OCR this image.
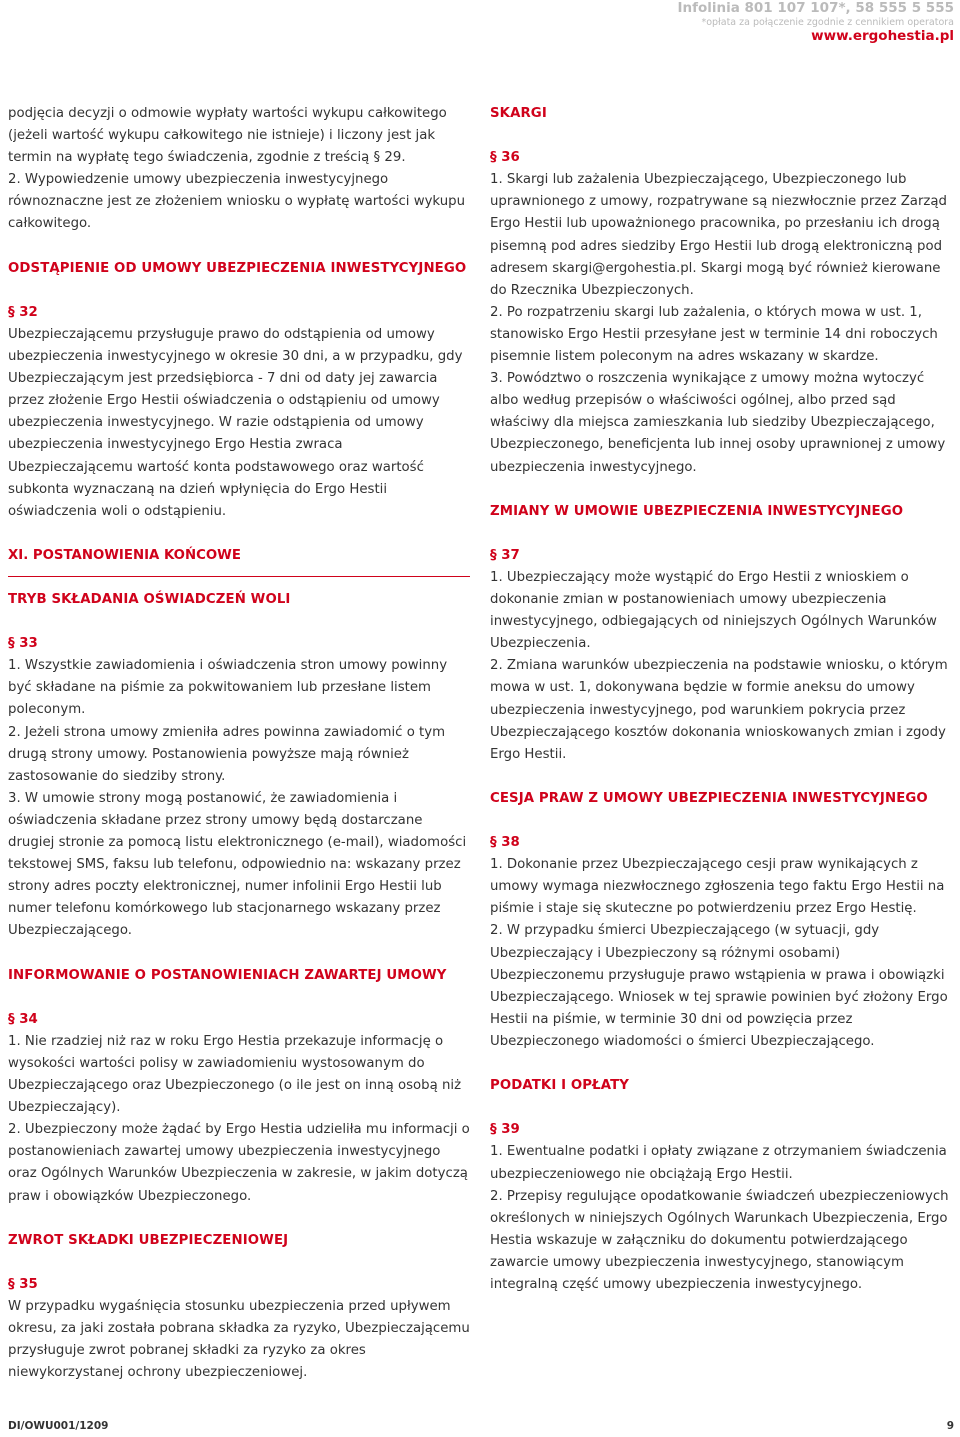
Infolinia 801 107 107*, 58 555 5 555
*opłata za połączenie zgodnie z cennikiem operatora
www.ergohestia.pl

podjęcia decyzji o odmowie wypłaty wartości wykupu całkowitego (jeżeli wartość wykupu całkowitego nie istnieje) i liczony jest jak termin na wypłatę tego świadczenia, zgodnie z treścią § 29.

2. Wypowiedzenie umowy ubezpieczenia inwestycyjnego równoznaczne jest ze złożeniem wniosku o wypłatę wartości wykupu całkowitego.

ODSTĄPIENIE OD UMOWY UBEZPIECZENIA INWESTYCYJNEGO

§ 32

Ubezpieczającemu przysługuje prawo do odstąpienia od umowy ubezpieczenia inwestycyjnego w okresie 30 dni, a w przypadku, gdy Ubezpieczającym jest przedsiębiorca - 7 dni od daty jej zawarcia przez złożenie Ergo Hestii oświadczenia o odstąpieniu od umowy ubezpieczenia inwestycyjnego. W razie odstąpienia od umowy ubezpieczenia inwestycyjnego Ergo Hestia zwraca Ubezpieczającemu wartość konta podstawowego oraz wartość subkonta wyznaczaną na dzień wpłynięcia do Ergo Hestii oświadczenia woli o odstąpieniu.

XI. POSTANOWIENIA KOŃCOWE

TRYB SKŁADANIA OŚWIADCZEŃ WOLI

§ 33

1. Wszystkie zawiadomienia i oświadczenia stron umowy powinny być składane na piśmie za pokwitowaniem lub przesłane listem poleconym.

2. Jeżeli strona umowy zmieniła adres powinna zawiadomić o tym drugą strony umowy. Postanowienia powyższe mają również zastosowanie do siedziby strony.

3. W umowie strony mogą postanowić, że zawiadomienia i oświadczenia składane przez strony umowy będą dostarczane drugiej stronie za pomocą listu elektronicznego (e-mail), wiadomości tekstowej SMS, faksu lub telefonu, odpowiednio na: wskazany przez strony adres poczty elektronicznej, numer infolinii Ergo Hestii lub numer telefonu komórkowego lub stacjonarnego wskazany przez Ubezpieczającego.

INFORMOWANIE O POSTANOWIENIACH ZAWARTEJ UMOWY

§ 34

1. Nie rzadziej niż raz w roku Ergo Hestia przekazuje informację o wysokości wartości polisy w zawiadomieniu wystosowanym do Ubezpieczającego oraz Ubezpieczonego (o ile jest on inną osobą niż Ubezpieczający).

2. Ubezpieczony może żądać by Ergo Hestia udzieliła mu informacji o postanowieniach zawartej umowy ubezpieczenia inwestycyjnego oraz Ogólnych Warunków Ubezpieczenia w zakresie, w jakim dotyczą praw i obowiązków Ubezpieczonego.

ZWROT SKŁADKI UBEZPIECZENIOWEJ

§ 35

W przypadku wygaśnięcia stosunku ubezpieczenia przed upływem okresu, za jaki została pobrana składka za ryzyko, Ubezpieczającemu przysługuje zwrot pobranej składki za ryzyko za okres niewykorzystanej ochrony ubezpieczeniowej.

SKARGI

§ 36

1. Skargi lub zażalenia Ubezpieczającego, Ubezpieczonego lub uprawnionego z umowy, rozpatrywane są niezwłocznie przez Zarząd Ergo Hestii lub upoważnionego pracownika, po przesłaniu ich drogą pisemną pod adres siedziby Ergo Hestii lub drogą elektroniczną pod adresem skargi@ergohestia.pl. Skargi mogą być również kierowane do Rzecznika Ubezpieczonych.

2. Po rozpatrzeniu skargi lub zażalenia, o których mowa w ust. 1, stanowisko Ergo Hestii przesyłane jest w terminie 14 dni roboczych pisemnie listem poleconym na adres wskazany w skardze.

3. Powództwo o roszczenia wynikające z umowy można wytoczyć albo według przepisów o właściwości ogólnej, albo przed sąd właściwy dla miejsca zamieszkania lub siedziby Ubezpieczającego, Ubezpieczonego, beneficjenta lub innej osoby uprawnionej z umowy ubezpieczenia inwestycyjnego.

ZMIANY W UMOWIE UBEZPIECZENIA INWESTYCYJNEGO

§ 37

1. Ubezpieczający może wystąpić do Ergo Hestii z wnioskiem o dokonanie zmian w postanowieniach umowy ubezpieczenia inwestycyjnego, odbiegających od niniejszych Ogólnych Warunków Ubezpieczenia.

2. Zmiana warunków ubezpieczenia na podstawie wniosku, o którym mowa w ust. 1, dokonywana będzie w formie aneksu do umowy ubezpieczenia inwestycyjnego, pod warunkiem pokrycia przez Ubezpieczającego kosztów dokonania wnioskowanych zmian i zgody Ergo Hestii.

CESJA PRAW Z UMOWY UBEZPIECZENIA INWESTYCYJNEGO

§ 38

1. Dokonanie przez Ubezpieczającego cesji praw wynikających z umowy wymaga niezwłocznego zgłoszenia tego faktu Ergo Hestii na piśmie i staje się skuteczne po potwierdzeniu przez Ergo Hestię.

2. W przypadku śmierci Ubezpieczającego (w sytuacji, gdy Ubezpieczający i Ubezpieczony są różnymi osobami) Ubezpieczonemu przysługuje prawo wstąpienia w prawa i obowiązki Ubezpieczającego. Wniosek w tej sprawie powinien być złożony Ergo Hestii na piśmie, w terminie 30 dni od powzięcia przez Ubezpieczonego wiadomości o śmierci Ubezpieczającego.

PODATKI I OPŁATY

§ 39

1. Ewentualne podatki i opłaty związane z otrzymaniem świadczenia ubezpieczeniowego nie obciążają Ergo Hestii.

2. Przepisy regulujące opodatkowanie świadczeń ubezpieczeniowych określonych w niniejszych Ogólnych Warunkach Ubezpieczenia, Ergo Hestia wskazuje w załączniku do dokumentu potwierdzającego zawarcie umowy ubezpieczenia inwestycyjnego, stanowiącym integralną część umowy ubezpieczenia inwestycyjnego.

DI/OWU001/1209	9
